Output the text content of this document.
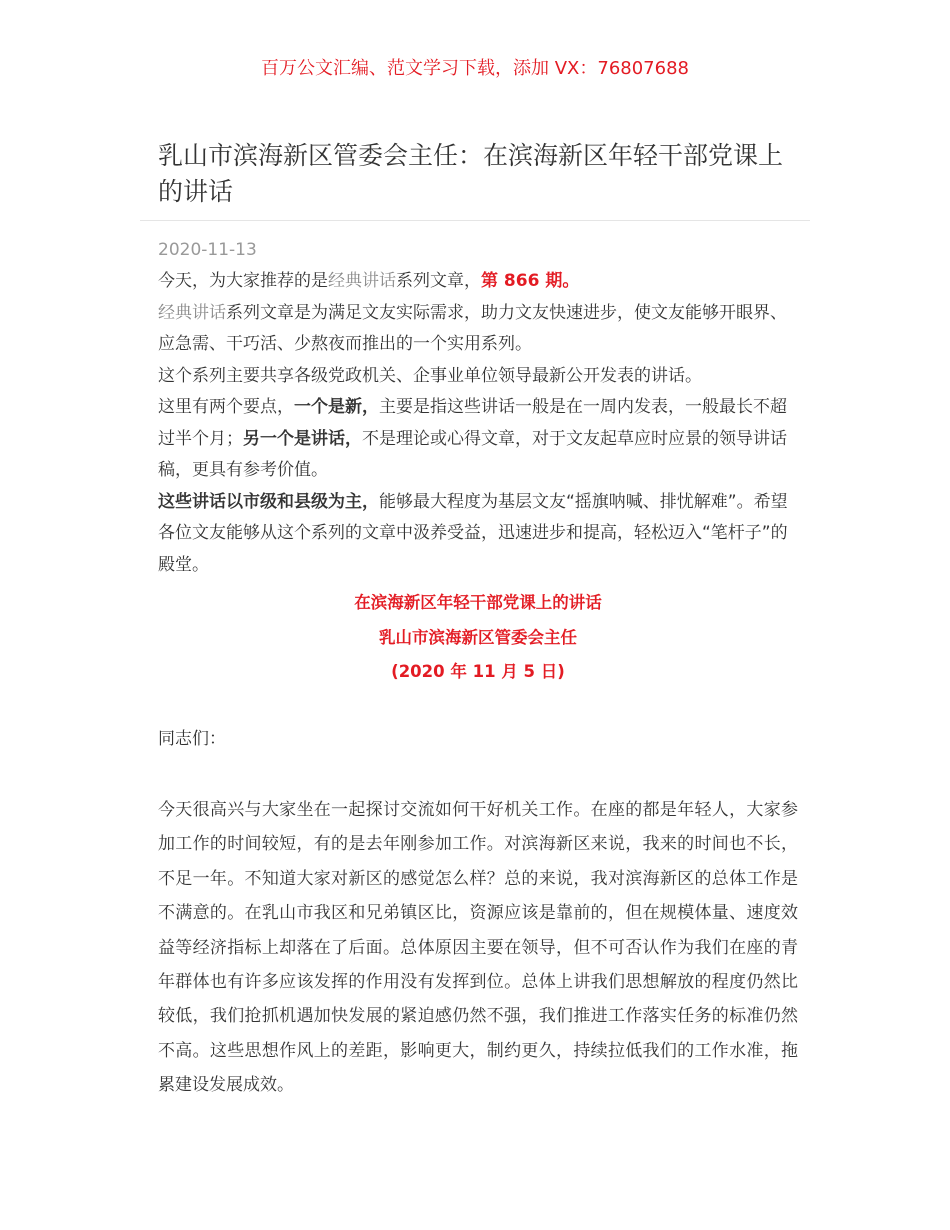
百万公文汇编、范文学习下载，添加 VX：76807688
乳山市滨海新区管委会主任：在滨海新区年轻干部党课上的讲话
2020-11-13

今天，为大家推荐的是经典讲话系列文章，第 866 期。

经典讲话系列文章是为满足文友实际需求，助力文友快速进步，使文友能够开眼界、应急需、干巧活、少熬夜而推出的一个实用系列。

这个系列主要共享各级党政机关、企事业单位领导最新公开发表的讲话。

这里有两个要点，一个是新，主要是指这些讲话一般是在一周内发表，一般最长不超过半个月；另一个是讲话，不是理论或心得文章，对于文友起草应时应景的领导讲话稿，更具有参考价值。

这些讲话以市级和县级为主，能够最大程度为基层文友“摇旗呐喊、排忧解难”。希望各位文友能够从这个系列的文章中汲养受益，迅速进步和提高，轻松迈入“笔杆子”的殿堂。

在滨海新区年轻干部党课上的讲话
乳山市滨海新区管委会主任
(2020 年 11 月 5 日)
同志们：

今天很高兴与大家坐在一起探讨交流如何干好机关工作。在座的都是年轻人，大家参加工作的时间较短，有的是去年刚参加工作。对滨海新区来说，我来的时间也不长，不足一年。不知道大家对新区的感觉怎么样？总的来说，我对滨海新区的总体工作是不满意的。在乳山市我区和兄弟镇区比，资源应该是靠前的，但在规模体量、速度效益等经济指标上却落在了后面。总体原因主要在领导，但不可否认作为我们在座的青年群体也有许多应该发挥的作用没有发挥到位。总体上讲我们思想解放的程度仍然比较低，我们抢抓机遇加快发展的紧迫感仍然不强，我们推进工作落实任务的标准仍然不高。这些思想作风上的差距，影响更大，制约更久，持续拉低我们的工作水准，拖累建设发展成效。
